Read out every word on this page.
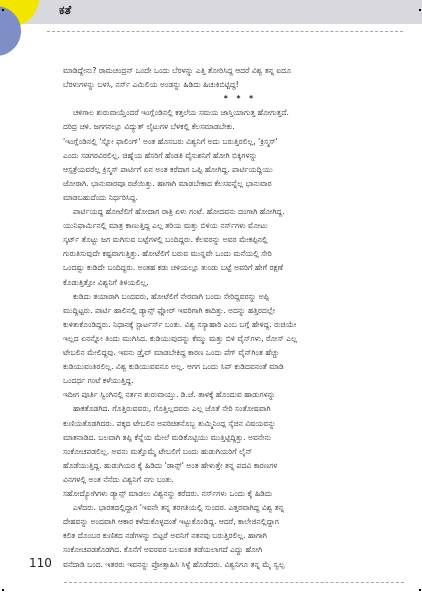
ಕತೆ
ಮಾಡಿದ್ದೇನು? ರಾಮಚಂದ್ರನ್ ಒಂದೇ ಒಂದು ಬೆರಳನ್ನು ಎತ್ತಿ ತೋರಿಸಿದ್ದ ಆದರೆ ವಿಶ್ವ ತನ್ನ ಐದೂ
ಬೆರಳುಗಳನ್ನು ಬಳಸಿ, ನರ್ಸ್ ಎಮಿಲಿಯ ಅಂಡನ್ನು ಹಿಡಿದು ಹಿಚುಕಿಬಿಟ್ಟಿದ್ದ!
* * *
ಚಳಿಗಾಲ ಶುರುವಾಯ್ತೆಂದರೆ ಇಂಗ್ಲೆಂಡಿನಲ್ಲಿ ಕತ್ತಲೆಯ ಸಮಯ ಜಾಸ್ತಿಯಾಗುತ್ತ ಹೋಗುತ್ತದೆ.
ದರಿದ್ರ ಚಳಿ. ಜಗಗನಲ್ಲೂ ವಿದ್ಯುತ್ ಲೈಟುಗಳ ಬೆಳಕಲ್ಲಿ ಕೆಲಸಮಾಡಬೇಕು.
'ಇಂಗ್ಲೆಂಡಿನಲ್ಲಿ 'ಸ್ನೋ ಫಾಲಿಂಗ್' ಅಂತ ಹೊಸಬರು ವಿಶ್ವನಿಗೆ ಅದು ಬರುತ್ತಿರಲಿಲ್ಲ, 'ಕ್ರಿಸ್ಮಸ್'
ಎಂದು ಸಡಗರವಿರಲಿಲ್ಲ. ಚಿಹ್ನೆಯ ಹೆಸರಿಗೆ ಹೆಂಡತಿ ವೈಸುಶನಿಗೆ ಹೋಗಿ ಬಿಕ್ಕಿಗಳನ್ನು
ಆಸ್ಪತ್ರೆಯವರೆಲ್ಲ ಕ್ರಿಸ್ಮಸ್ ಪಾರ್ಟಿಗೆ ಏನ ಅಂತ ಕರೆದಾಗ ಒಪ್ಪಿ ಹೋಗಿದ್ದ. ಪಾರ್ಟಿಯದ್ದಿಯು
ಜೋರಾಗಿ. ಭಾನುವಾರವೂ ರಜೆಯಿತ್ತು. ಹಾಗಾಗಿ ಮಾಡಬೇಕಾದ ಕೆಲಸವನ್ನೆಲ್ಲ ಭಾನುವಾರ
ಮಾಡಬಹುದೆಂದು ನಿರ್ಧರಿಸಿದ್ದ.
ಪಾರ್ಟಿಯದ್ದ ಹೋಟೆಲಿಗೆ ಹೋದಾಗ ರಾತ್ರಿ ಏಳು ಗಂಟೆ. ಹೋದವನು ದಂಗಾಗಿ ಹೋಗಿದ್ದ.
ಯುನಿಫಾರ್ಮಿನಲ್ಲಿ ಮಾತ್ರ ಕಾಣುತ್ತಿದ್ದ ಎಲ್ಲ ತರಿಯ ಮತ್ತು ಬಿಳಿಯ ನರ್ಸ್‌ಗಳು ಮೋಟು
ಸ್ಕರ್ಟ್ ತೊಟ್ಟು ಜಗ ಮಗಿಸುವ ಬಟ್ಟೆಗಳಲ್ಲಿ ಬಂದಿದ್ದರು. ಕೆಲವರನ್ನು ಅವರ ಮೇಕಪ್ಪಿನಲ್ಲಿ
ಗುರುತಿಸುವುದೇ ಕಷ್ಟವಾಗುತ್ತಿತ್ತು. ಹೋಟೆಲಿಗೆ ಬರುವ ಮುನ್ನವೇ ಒಂದು ಮನೆಯಲ್ಲಿ ಸೇರಿ
ಒಂದಷ್ಟು ಕುಡಿದೇ ಬಂದಿದ್ದರು. ಅಂತಹ ಕಡು ಚಳಿಯಲ್ಲೂ ತುಂಡು ಬಟ್ಟೆ ಅವರಿಗೆ ಹೇಗೆ ರಕ್ಷಣೆ
ಕೊಡುತ್ತಿತ್ತೋ ವಿಶ್ವನಿಗೆ ತಿಳಿಯಲಿಲ್ಲ.
ಕುಡಿದು ತಯಾರಾಗಿ ಬಂದವರು, ಹೋಟೆಲಿಗೆ ನೇರವಾಗಿ ಬಂದು ಸೇರಿದ್ದವರನ್ನು ಅಪ್ಪಿ
ಮುದ್ದಿಟ್ಟರು. ಪಾರ್ಟಿ ಹಾಲಿನಲ್ಲಿ ಡ್ಯಾನ್ಸ್ ಫ್ಲೋರ್ ಇವರಿಗಾಗಿ ಕಾದಿತ್ತು. ಅದನ್ನು ಹತ್ತಿರದಲ್ಲೇ
ಕುಳಿತುಕೊಂಡಿದ್ದರು. ನಿಧಾನಕ್ಕೆ ಸ್ಟಾರ್ಟರ್ಸ್ ಬಂತು. ವಿಶ್ವ ಸಸ್ಯಾಹಾರಿ ಎಂಬ ಬಗ್ಗೆ ಹೇಳಿದ್ದ. ರುಚಿಯೇ
ಇಲ್ಲದ ಏನನ್ನೋ ತಿಂದು ಮುಗಿಸಿದ. ಕುಡಿಯುವುದನ್ನು ಕೆಮ್ಮು ಮತ್ತು ಬಿಳಿ ವೈನ್‌ಗಳು, ರೋಸ್ ಎಲ್ಲ
ಟೇಬಲಿನ ಮೇಲಿದ್ದವು. ಇವನು ಡ್ರೈವ್ ಮಾಡಬೇಕಿದ್ದ ಕಾರಣ ಒಂದು ಪೆಗ್ ವೈನ್‌ಗಿಂತ ಹೆಚ್ಚು
ಕುಡಿಯುವಂತಿರಲಿಲ್ಲ. ವಿಶ್ವ ಕುಡಿಯುವವನೂ ಅಲ್ಲ. ಆಗಗ ಒಂದು ಸಿಪ್ ಕುಡಿದವನಂತೆ ಮಾಡಿ
ಒಂದರ್ಧ ಗಂಟೆ ಕಳೆಯುತ್ತಿದ್ದ.
ಇದೀಗ ಪೂರ್ತಿ ಸ್ವಿಂಗಿನಲ್ಲಿ ನರ್ತನ ಶುರುವಾಯ್ತು. ಡಿ.ಜೆ. ತಾಳಕ್ಕೆ ಹೊಂದುವ ಹಾಡುಗಳನ್ನು
ಹಾಕತೊಡಗಿದ. ಗೊತ್ತಿರುವವರು, ಗೊತ್ತಿಲ್ಲದವರು ಎಲ್ಲ ಜೊತೆ ಸೇರಿ ಸಂತೋಷವಾಗಿ
ಕುಣಿಯತೊಡಗಿದರು. ಪಕ್ಕದ ಟೇಬಲಿನ ಅಪರಿಚಿತನೊಬ್ಬ ತುಮ್ಮಿನಿಂದ್ಲ ಸ್ಕೆಚಿನ ವಿಷಯವನ್ನು
ಮಾತನಾಡಿದ. ಬಲವಾಗಿ ತಪ್ಪಿ ಕೆನ್ನೆಯ ಮೇಲೆ ಮಡಿಕೊಟ್ಟಿಯು ಮುತ್ತಿಟ್ಟಿದ್ದಿತ್ತು. ಅವನೇನು
ಸಂಕೋಚಪಡಲಿಲ್ಲ. ಅವನು ಮತ್ತೊಮ್ಮೆ ಟೇಬಲಿಗೆ ಬಂದು ಹುಡುಗಿಯರಿಗೆ ಲೈನ್
ಹೊಡೆಯುತ್ತಿದ್ದ. ಹುಡುಗಿಯರ ಕೈ ಹಿಡಿದು 'ಡಾನ್ಸ್' ಅಂತ ಹೇಳುತ್ತೇ ತನ್ನ ಪದವಿ ಕಾರಣಗಳ
ವಿನಗಳಲ್ಲಿ ಅಂತ ನೆನೆದು ವಿಶ್ವನಿಗೆ ನಗು ಬಂತು.
ಸಹೋದ್ಯೋಗಿಗಳು ಡ್ಯಾನ್ಸ್ ಮಾಡಲು ವಿಶ್ವನನ್ನು ಕರೆದರು. ನರ್ಸ್‌ಗಳು ಒಂದು ಕೈ ಹಿಡಿದು
ಎಳೆದರು. ಭಾರತದಲ್ಲಿದ್ದಾಗ 'ಇವನೇ ತನ್ನ ತರಗತಿಯಲ್ಲಿ ಸುಂದರ. ಎತ್ತರವಾಗಿದ್ದ ವಿಶ್ವ ತನ್ನ
ದೇಹವನ್ನು ಅಂದವಾಗಿ ಆಕಾರ ಕಳೆದುಕೊಳ್ಳದಂತೆ ಇಟ್ಟುಕೊಂಡಿದ್ದ. ಆದರೆ, ಕಾಲೇಜಿನಲ್ಲಿದ್ದಾಗ
ಕಲಿತ ದೊಂಬರ ಕುಣಿತದ ನಡೆಗಳನ್ನು ಬಿಟ್ಟರೆ ಅವನಿಗೆ ನತನವು ಬರುತ್ತಿರಲಿಲ್ಲ. ಹಾಗಾಗಿ
ಸಂಕೋಚಪಡತೊಡಗಿದ. ಕೊನೆಗೆ ಅವರವರ ಬಲವಂತ ತಡೆಯಲಾಗದೆ ಎದ್ದು ಹೋಗಿ
ವನೆದಾಡಿ ಬಂದ. ಇತರರು ಇವನನ್ನು ಪ್ರೋತ್ಸಾಹಿಸಿ ಸಿಳ್ಳೆ ಹೊಡೆದರು. ವಿಶ್ವನಿಗೂ ತನ್ನ ಮೈ ಸ್ವಲ್ಪ
110
